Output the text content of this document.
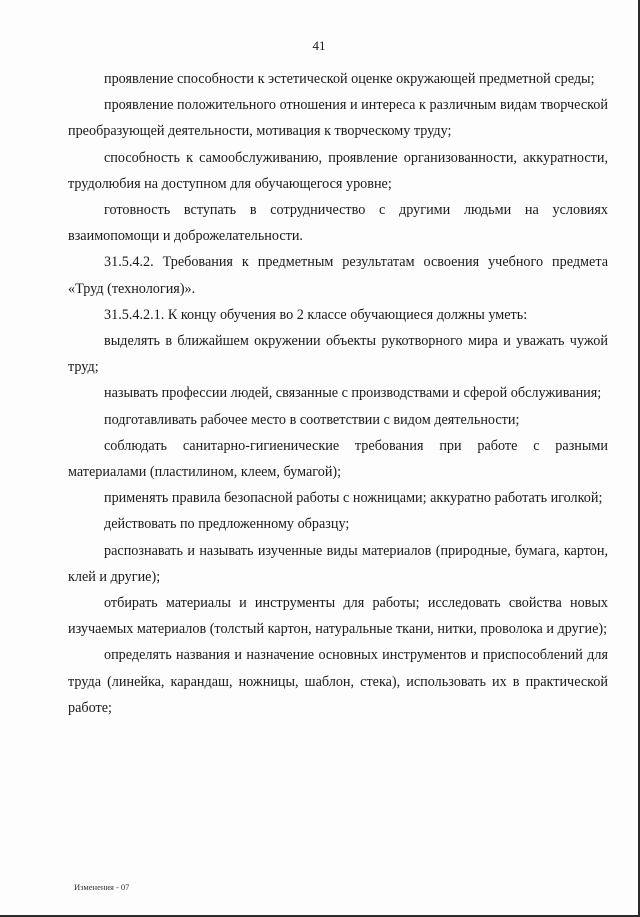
41

проявление способности к эстетической оценке окружающей предметной среды;

проявление положительного отношения и интереса к различным видам творческой преобразующей деятельности, мотивация к творческому труду;

способность к самообслуживанию, проявление организованности, аккуратности, трудолюбия на доступном для обучающегося уровне;

готовность вступать в сотрудничество с другими людьми на условиях взаимопомощи и доброжелательности.

31.5.4.2. Требования к предметным результатам освоения учебного предмета «Труд (технология)».

31.5.4.2.1. К концу обучения во 2 классе обучающиеся должны уметь:

выделять в ближайшем окружении объекты рукотворного мира и уважать чужой труд;

называть профессии людей, связанные с производствами и сферой обслуживания;

подготавливать рабочее место в соответствии с видом деятельности;

соблюдать санитарно-гигиенические требования при работе с разными материалами (пластилином, клеем, бумагой);

применять правила безопасной работы с ножницами; аккуратно работать иголкой;

действовать по предложенному образцу;

распознавать и называть изученные виды материалов (природные, бумага, картон, клей и другие);

отбирать материалы и инструменты для работы; исследовать свойства новых изучаемых материалов (толстый картон, натуральные ткани, нитки, проволока и другие);

определять названия и назначение основных инструментов и приспособлений для труда (линейка, карандаш, ножницы, шаблон, стека), использовать их в практической работе;

Изменения - 07
